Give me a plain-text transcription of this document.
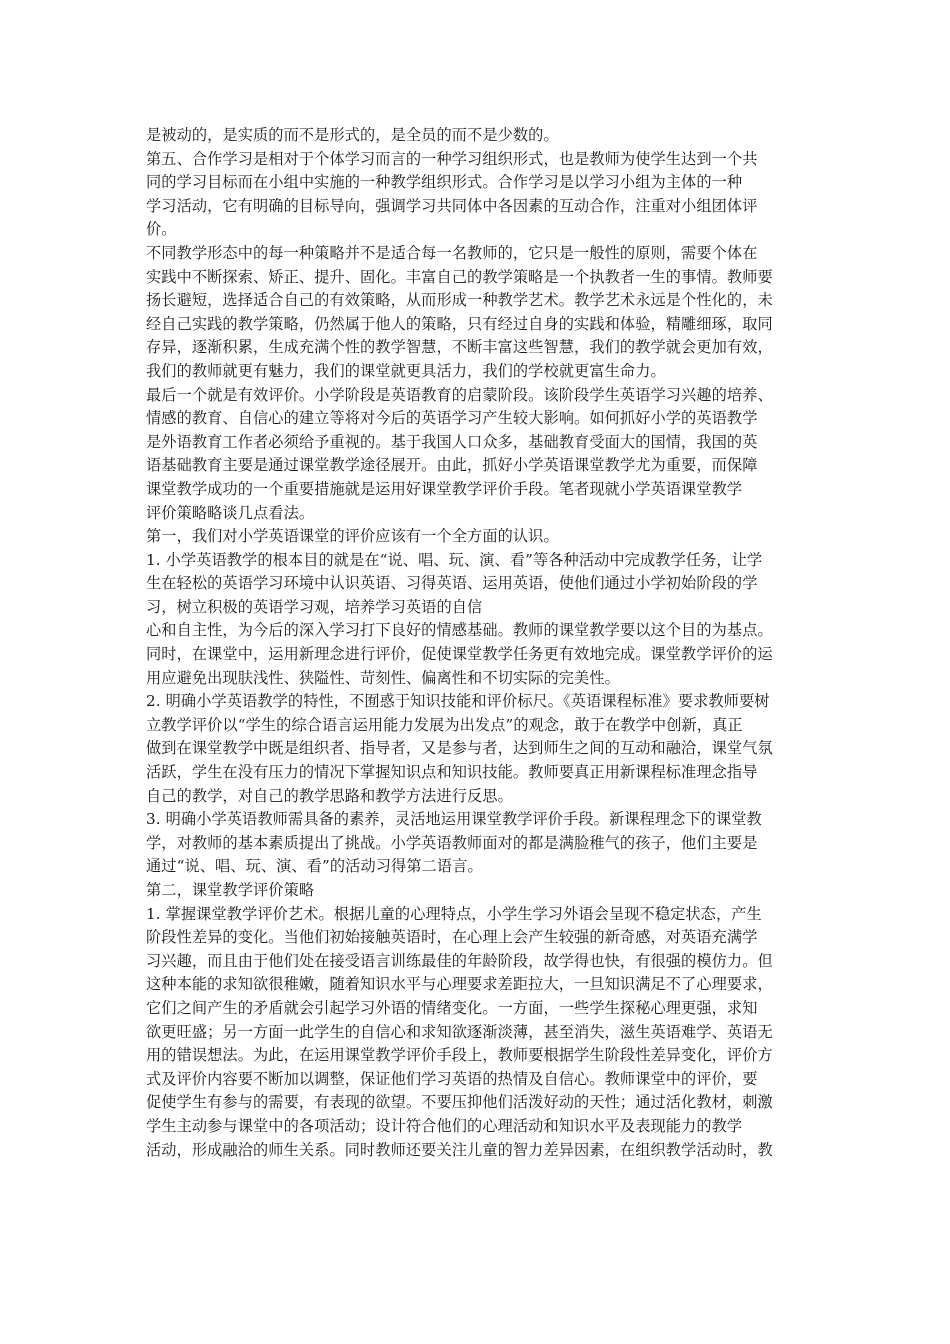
是被动的，是实质的而不是形式的，是全员的而不是少数的。
第五、合作学习是相对于个体学习而言的一种学习组织形式，也是教师为使学生达到一个共
同的学习目标而在小组中实施的一种教学组织形式。合作学习是以学习小组为主体的一种
学习活动，它有明确的目标导向，强调学习共同体中各因素的互动合作，注重对小组团体评
价。
不同教学形态中的每一种策略并不是适合每一名教师的，它只是一般性的原则，需要个体在
实践中不断探索、矫正、提升、固化。丰富自己的教学策略是一个执教者一生的事情。教师要
扬长避短，选择适合自己的有效策略，从而形成一种教学艺术。教学艺术永远是个性化的，未
经自己实践的教学策略，仍然属于他人的策略，只有经过自身的实践和体验，精雕细琢，取同
存异，逐渐积累，生成充满个性的教学智慧，不断丰富这些智慧，我们的教学就会更加有效，
我们的教师就更有魅力，我们的课堂就更具活力，我们的学校就更富生命力。
最后一个就是有效评价。小学阶段是英语教育的启蒙阶段。该阶段学生英语学习兴趣的培养、
情感的教育、自信心的建立等将对今后的英语学习产生较大影响。如何抓好小学的英语教学
是外语教育工作者必须给予重视的。基于我国人口众多，基础教育受面大的国情，我国的英
语基础教育主要是通过课堂教学途径展开。由此，抓好小学英语课堂教学尤为重要，而保障
课堂教学成功的一个重要措施就是运用好课堂教学评价手段。笔者现就小学英语课堂教学
评价策略略谈几点看法。
第一，我们对小学英语课堂的评价应该有一个全方面的认识。
1. 小学英语教学的根本目的就是在“说、唱、玩、演、看”等各种活动中完成教学任务，让学
生在轻松的英语学习环境中认识英语、习得英语、运用英语，使他们通过小学初始阶段的学
习，树立积极的英语学习观，培养学习英语的自信
心和自主性，为今后的深入学习打下良好的情感基础。教师的课堂教学要以这个目的为基点。
同时，在课堂中，运用新理念进行评价，促使课堂教学任务更有效地完成。课堂教学评价的运
用应避免出现肤浅性、狭隘性、苛刻性、偏离性和不切实际的完美性。
2. 明确小学英语教学的特性，不囿惑于知识技能和评价标尺。《英语课程标准》要求教师要树
立教学评价以“学生的综合语言运用能力发展为出发点”的观念，敢于在教学中创新，真正
做到在课堂教学中既是组织者、指导者，又是参与者，达到师生之间的互动和融洽，课堂气氛
活跃，学生在没有压力的情况下掌握知识点和知识技能。教师要真正用新课程标准理念指导
自己的教学，对自己的教学思路和教学方法进行反思。
3. 明确小学英语教师需具备的素养，灵活地运用课堂教学评价手段。新课程理念下的课堂教
学，对教师的基本素质提出了挑战。小学英语教师面对的都是满脸稚气的孩子，他们主要是
通过“说、唱、玩、演、看”的活动习得第二语言。
第二，课堂教学评价策略
1. 掌握课堂教学评价艺术。根据儿童的心理特点，小学生学习外语会呈现不稳定状态，产生
阶段性差异的变化。当他们初始接触英语时，在心理上会产生较强的新奇感，对英语充满学
习兴趣，而且由于他们处在接受语言训练最佳的年龄阶段，故学得也快，有很强的模仿力。但
这种本能的求知欲很稚嫩，随着知识水平与心理要求差距拉大，一旦知识满足不了心理要求，
它们之间产生的矛盾就会引起学习外语的情绪变化。一方面，一些学生探秘心理更强，求知
欲更旺盛；另一方面一此学生的自信心和求知欲逐渐淡薄，甚至消失，滋生英语难学、英语无
用的错误想法。为此，在运用课堂教学评价手段上，教师要根据学生阶段性差异变化，评价方
式及评价内容要不断加以调整，保证他们学习英语的热情及自信心。教师课堂中的评价，要
促使学生有参与的需要，有表现的欲望。不要压抑他们活泼好动的天性；通过活化教材，刺激
学生主动参与课堂中的各项活动；设计符合他们的心理活动和知识水平及表现能力的教学
活动，形成融洽的师生关系。同时教师还要关注儿童的智力差异因素，在组织教学活动时，教
